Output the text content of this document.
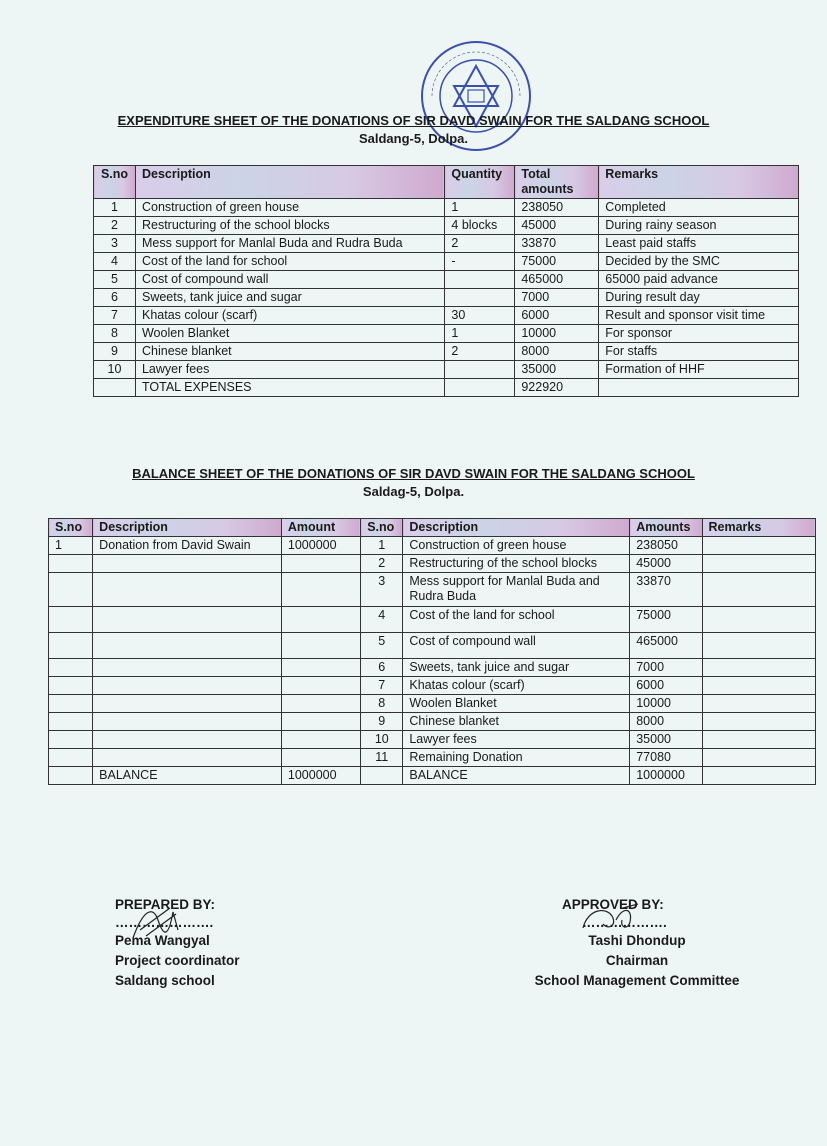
EXPENDITURE SHEET OF THE DONATIONS OF SIR DAVD SWAIN FOR THE SALDANG SCHOOL
Saldang-5, Dolpa.
S.no	Description	Quantity	Total amounts	Remarks
1	Construction of green house	1	238050	Completed
2	Restructuring of the school blocks	4 blocks	45000	During rainy season
3	Mess support for Manlal Buda and Rudra Buda	2	33870	Least paid staffs
4	Cost of the land for school	-	75000	Decided by the SMC
5	Cost of compound wall		465000	65000 paid advance
6	Sweets, tank juice and sugar		7000	During result day
7	Khatas colour (scarf)	30	6000	Result and sponsor visit time
8	Woolen Blanket	1	10000	For sponsor
9	Chinese blanket	2	8000	For staffs
10	Lawyer fees		35000	Formation of HHF
	TOTAL EXPENSES		922920	
BALANCE SHEET OF THE DONATIONS OF SIR DAVD SWAIN FOR THE SALDANG SCHOOL
Saldag-5, Dolpa.
S.no	Description	Amount	S.no	Description	Amounts	Remarks
1	Donation from David Swain	1000000	1	Construction of green house	238050	
			2	Restructuring of the school blocks	45000	
			3	Mess support for Manlal Buda and Rudra Buda	33870	
			4	Cost of the land for school	75000	
			5	Cost of compound wall	465000	
			6	Sweets, tank juice and sugar	7000	
			7	Khatas colour (scarf)	6000	
			8	Woolen Blanket	10000	
			9	Chinese blanket	8000	
			10	Lawyer fees	35000	
			11	Remaining Donation	77080	
	BALANCE	1000000		BALANCE	1000000	
PREPARED BY:
………………….
Pema Wangyal
Project coordinator
Saldang school
APPROVED BY:
……………….
Tashi Dhondup
Chairman
School Management Committee
